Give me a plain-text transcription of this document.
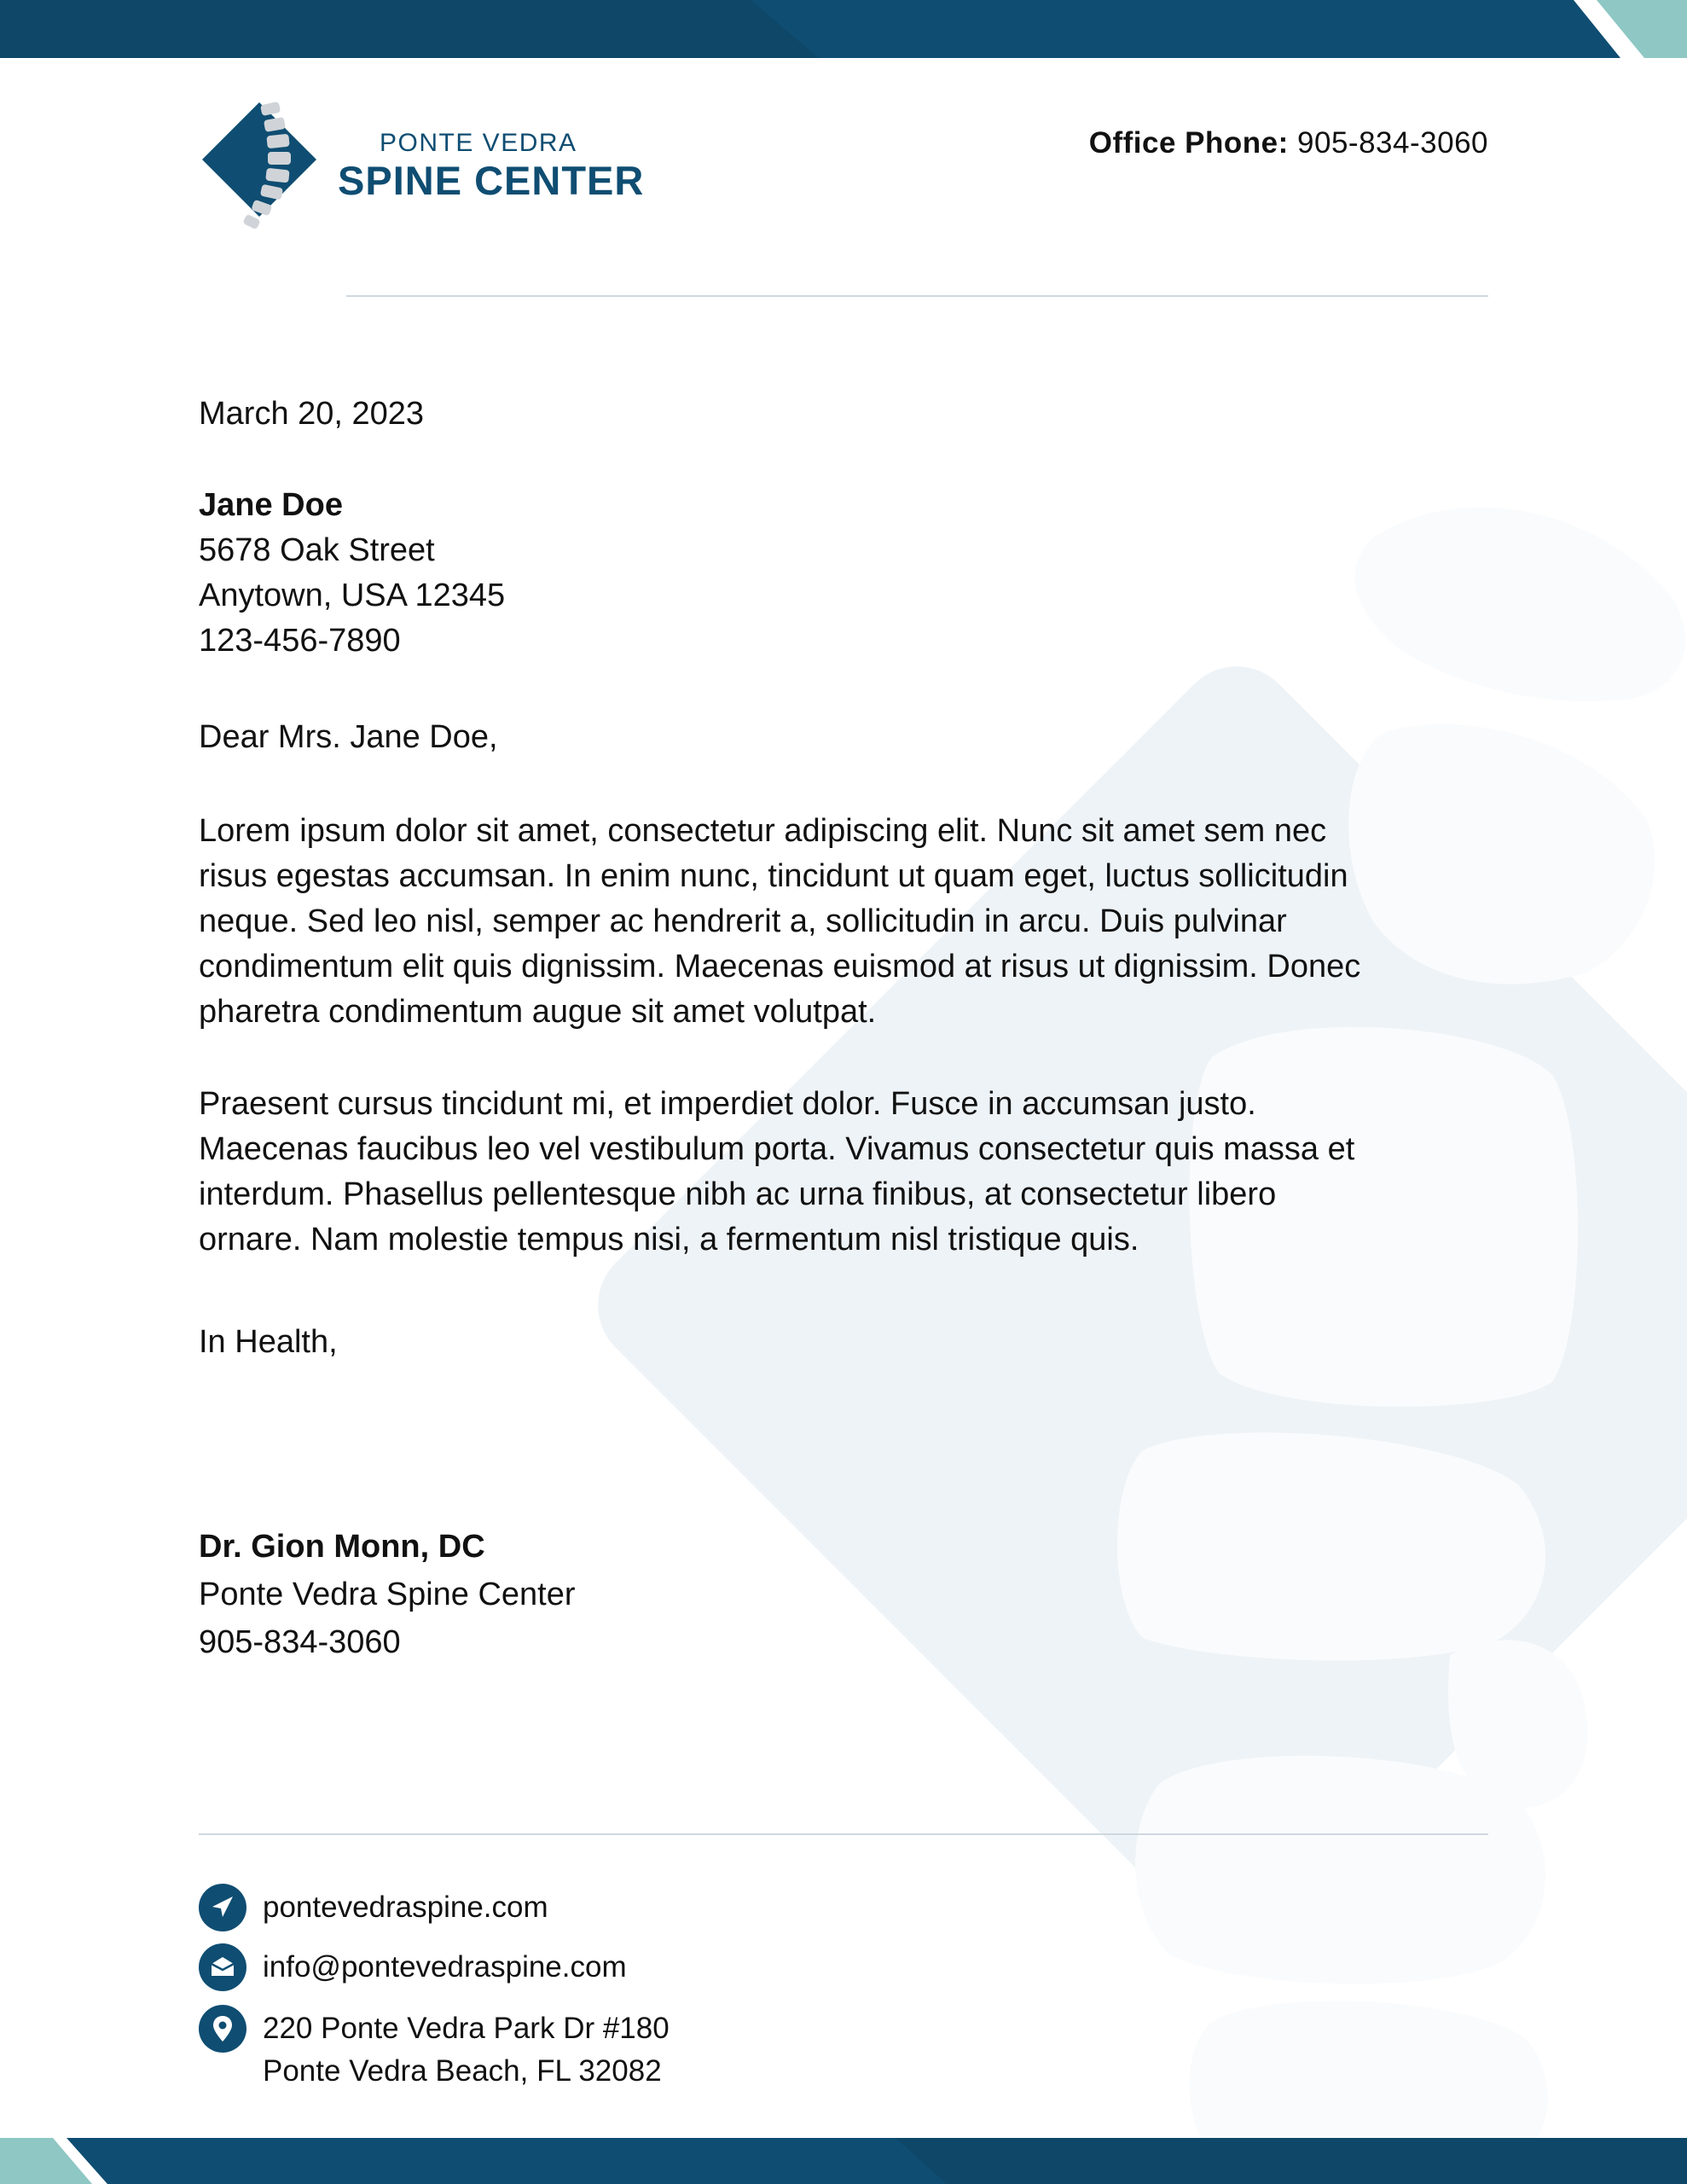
PONTE VEDRA
SPINE CENTER
Office Phone: 905-834-3060
March 20, 2023
Jane Doe
5678 Oak Street
Anytown, USA 12345
123-456-7890
Dear Mrs. Jane Doe,
Lorem ipsum dolor sit amet, consectetur adipiscing elit. Nunc sit amet sem nec
risus egestas accumsan. In enim nunc, tincidunt ut quam eget, luctus sollicitudin
neque. Sed leo nisl, semper ac hendrerit a, sollicitudin in arcu. Duis pulvinar
condimentum elit quis dignissim. Maecenas euismod at risus ut dignissim. Donec
pharetra condimentum augue sit amet volutpat.
Praesent cursus tincidunt mi, et imperdiet dolor. Fusce in accumsan justo.
Maecenas faucibus leo vel vestibulum porta. Vivamus consectetur quis massa et
interdum. Phasellus pellentesque nibh ac urna finibus, at consectetur libero
ornare. Nam molestie tempus nisi, a fermentum nisl tristique quis.
In Health,
Dr. Gion Monn, DC
Ponte Vedra Spine Center
905-834-3060
pontevedraspine.com
info@pontevedraspine.com
220 Ponte Vedra Park Dr #180
Ponte Vedra Beach, FL 32082
